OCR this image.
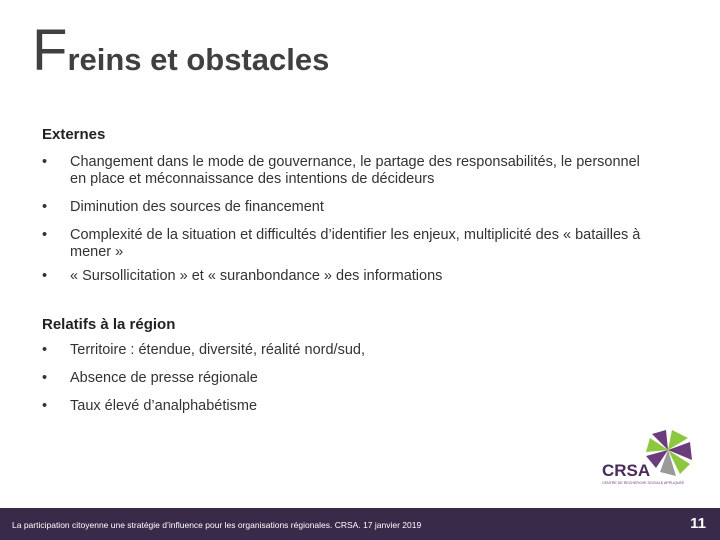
Freins et obstacles
Externes
• Changement dans le mode de gouvernance, le partage des responsabilités, le personnel en place et méconnaissance des intentions de décideurs
• Diminution des sources de financement
• Complexité de la situation et difficultés d’identifier les enjeux, multiplicité des « batailles à mener »
• « Sursollicitation » et « suranbondance » des informations
Relatifs à la région
• Territoire : étendue, diversité, réalité nord/sud,
• Absence de presse régionale
• Taux élevé d’analphabétisme
CRSA
CENTRE DE RECHERCHE SOCIALE APPLIQUÉE
La participation citoyenne une stratégie d’influence pour les organisations régionales. CRSA. 17 janvier 2019	11
